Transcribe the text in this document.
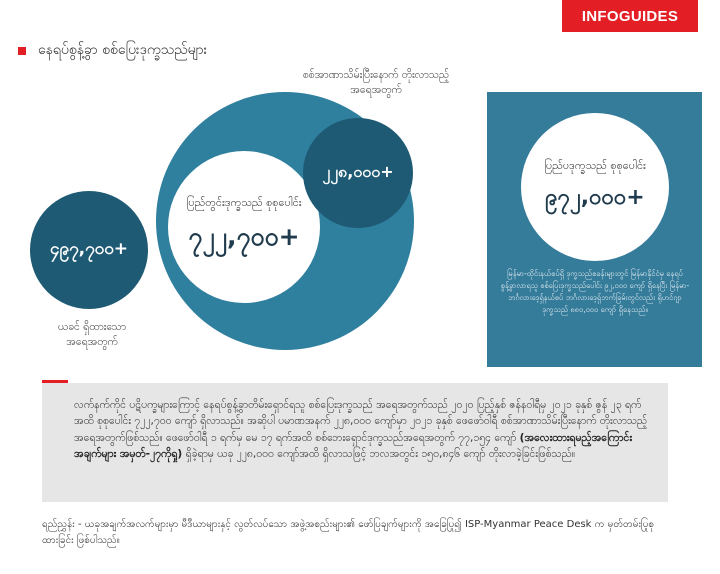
INFOGUIDES
နေရပ်စွန့်ခွာ စစ်ပြေးဒုက္ခသည်များ
စစ်အာဏာသိမ်းပြီးနောက် တိုးလာသည့်အရေအတွက်
ပြည်တွင်းဒုက္ခသည် စုစုပေါင်း
၇၂၂,၇၀၀+
၄၉၇,၇၀၀+
ယခင် ရှိထားသော အရေအတွက်
၂၂၈,၀၀၀+	ပြည်ပဒုက္ခသည် စုစုပေါင်း
၉၇၂,၀၀၀+
မြန်မာ-ထိုင်းနယ်စပ်ရှိ ဒုက္ခသည်စခန်းများတွင် မြန်မာနိုင်ငံမှ နေရပ်စွန့်ခွာလာရသူ စစ်ပြေးဒုက္ခသည်ပေါင်း ၉၂,၀၀၀ ကျော် ရှိနေပြီး မြန်မာ-ဘင်္ဂလားဒေ့ရှ်နယ်စပ် ဘင်္ဂလားဒေ့ရှ်ဘက်ခြမ်းတွင်လည်း ရိုဟင်ဂျာဒုက္ခသည် ၈၈၀,၀၀၀ ကျော် ရှိနေသည်။
လက်နက်ကိုင် ပဋိပက္ခများကြောင့် နေရပ်စွန့်ခွာတိမ်းရှောင်ရသူ စစ်ပြေးဒုက္ခသည် အရေအတွက်သည် ၂၀၂၀ ပြည့်နှစ် ဇန်နဝါရီမှ ၂၀၂၁ ခုနှစ် ဇွန် ၂၃ ရက်အထိ စုစုပေါင်း ၇၂၂,၇၀၀ ကျော် ရှိလာသည်။ အဆိုပါ ပမာဏအနက် ၂၂၈,၀၀၀ ကျော်မှာ ၂၀၂၁ ခုနှစ် ဖေဖော်ဝါရီ စစ်အာဏာသိမ်းပြီးနောက် တိုးလာသည့်အရေအတွက်ဖြစ်သည်။ ဖေဖော်ဝါရီ ၁ ရက်မှ မေ ၁၇ ရက်အထိ စစ်ဘေးရှောင်ဒုက္ခသည်အရေအတွက် ၇၇,၁၅၄ ကျော် (အလေးထားရမည့်အကြောင်း အချက်များ အမှတ်-၂၇ကိုရှု) ရှိခဲ့ရာမှ ယခု ၂၂၈,၀၀၀ ကျော်အထိ ရှိလာသဖြင့် ဘလအတွင်း ၁၅၀,၈၄၆ ကျော် တိုးလာခဲ့ခြင်းဖြစ်သည်။
ရည်ညွှန်း - ယခုအချက်အလက်များမှာ မီဒီယာများနှင့် လွတ်လပ်သော အဖွဲ့အစည်းများ၏ ဖော်ပြချက်များကို အခြေပြု၍ ISP-Myanmar Peace Desk က မှတ်တမ်းပြုစုထားခြင်း ဖြစ်ပါသည်။
